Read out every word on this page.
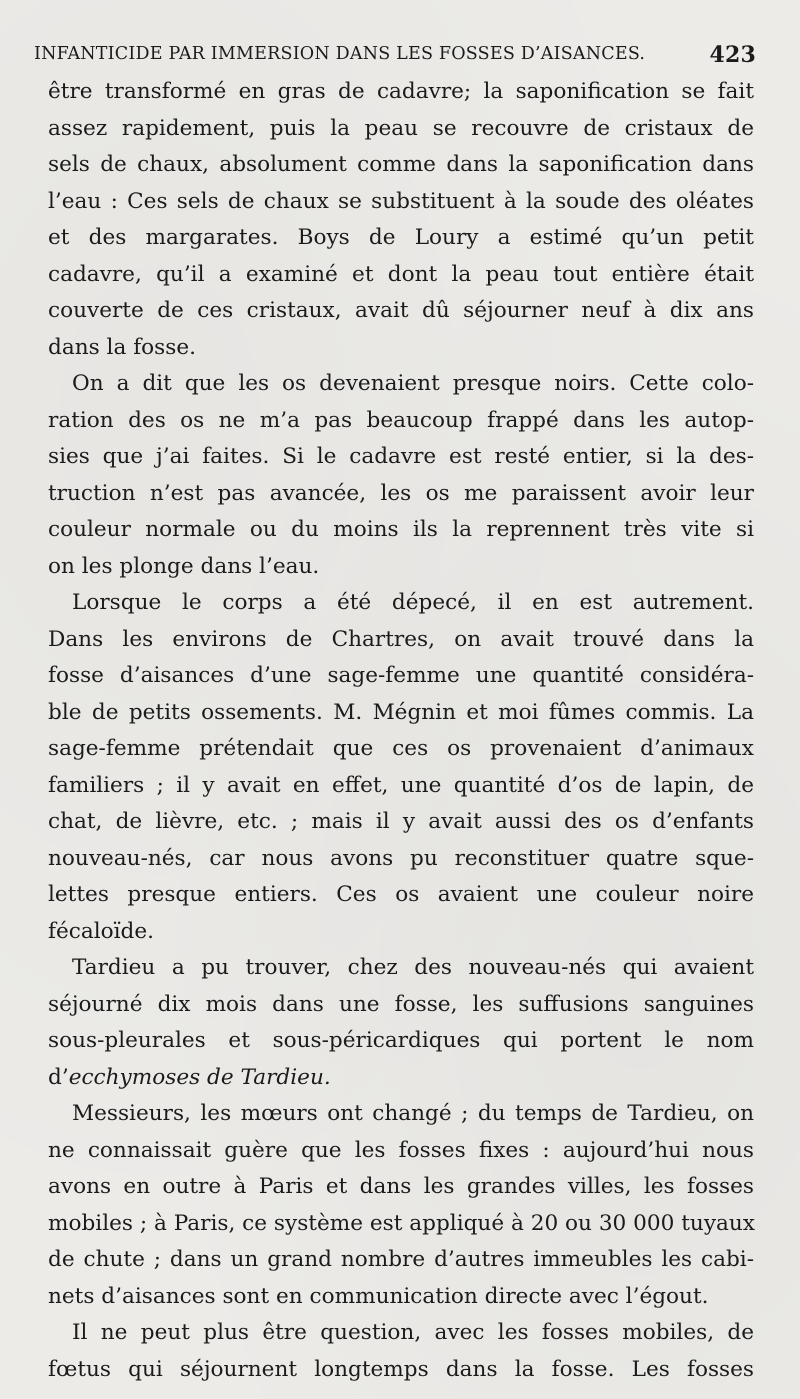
INFANTICIDE PAR IMMERSION DANS LES FOSSES D’AISANCES.	423
être transformé en gras de cadavre; la saponification se fait
assez rapidement, puis la peau se recouvre de cristaux de
sels de chaux, absolument comme dans la saponification dans
l’eau : Ces sels de chaux se substituent à la soude des oléates
et des margarates. Boys de Loury a estimé qu’un petit
cadavre, qu’il a examiné et dont la peau tout entière était
couverte de ces cristaux, avait dû séjourner neuf à dix ans
dans la fosse.
On a dit que les os devenaient presque noirs. Cette colo-
ration des os ne m’a pas beaucoup frappé dans les autop-
sies que j’ai faites. Si le cadavre est resté entier, si la des-
truction n’est pas avancée, les os me paraissent avoir leur
couleur normale ou du moins ils la reprennent très vite si
on les plonge dans l’eau.
Lorsque le corps a été dépecé, il en est autrement.
Dans les environs de Chartres, on avait trouvé dans la
fosse d’aisances d’une sage-femme une quantité considéra-
ble de petits ossements. M. Mégnin et moi fûmes commis. La
sage-femme prétendait que ces os provenaient d’animaux
familiers ; il y avait en effet, une quantité d’os de lapin, de
chat, de lièvre, etc. ; mais il y avait aussi des os d’enfants
nouveau-nés, car nous avons pu reconstituer quatre sque-
lettes presque entiers. Ces os avaient une couleur noire
fécaloïde.
Tardieu a pu trouver, chez des nouveau-nés qui avaient
séjourné dix mois dans une fosse, les suffusions sanguines
sous-pleurales et sous-péricardiques qui portent le nom
d’ecchymoses de Tardieu.
Messieurs, les mœurs ont changé ; du temps de Tardieu, on
ne connaissait guère que les fosses fixes : aujourd’hui nous
avons en outre à Paris et dans les grandes villes, les fosses
mobiles ; à Paris, ce système est appliqué à 20 ou 30 000 tuyaux
de chute ; dans un grand nombre d’autres immeubles les cabi-
nets d’aisances sont en communication directe avec l’égout.
Il ne peut plus être question, avec les fosses mobiles, de
fœtus qui séjournent longtemps dans la fosse. Les fosses
